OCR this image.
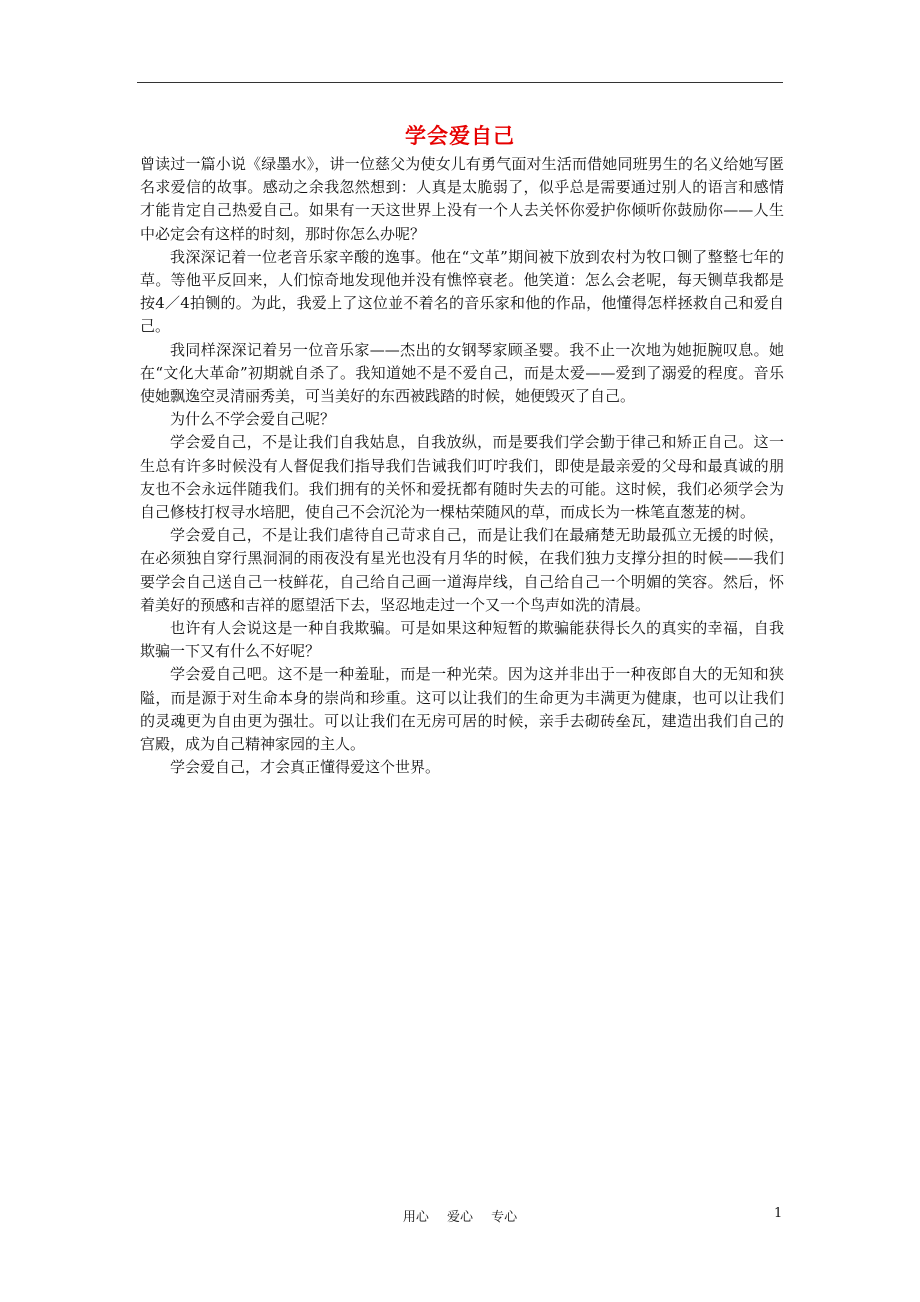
学会爱自己

曾读过一篇小说《绿墨水》，讲一位慈父为使女儿有勇气面对生活而借她同班男生的名义给她写匿名求爱信的故事。感动之余我忽然想到：人真是太脆弱了，似乎总是需要通过别人的语言和感情才能肯定自己热爱自己。如果有一天这世界上没有一个人去关怀你爱护你倾听你鼓励你——人生中必定会有这样的时刻，那时你怎么办呢？

我深深记着一位老音乐家辛酸的逸事。他在“文革”期间被下放到农村为牧口铡了整整七年的草。等他平反回来，人们惊奇地发现他并没有憔悴衰老。他笑道：怎么会老呢，每天铡草我都是按4／4拍铡的。为此，我爱上了这位並不着名的音乐家和他的作品，他懂得怎样拯救自己和爱自己。

我同样深深记着另一位音乐家——杰出的女钢琴家顾圣婴。我不止一次地为她扼腕叹息。她在“文化大革命”初期就自杀了。我知道她不是不爱自己，而是太爱——爱到了溺爱的程度。音乐使她飘逸空灵清丽秀美，可当美好的东西被践踏的时候，她便毁灭了自己。

为什么不学会爱自己呢？

学会爱自己，不是让我们自我姑息，自我放纵，而是要我们学会勤于律己和矫正自己。这一生总有许多时候没有人督促我们指导我们告诫我们叮咛我们，即使是最亲爱的父母和最真诚的朋友也不会永远伴随我们。我们拥有的关怀和爱抚都有随时失去的可能。这时候，我们必须学会为自己修枝打杈寻水培肥，使自己不会沉沦为一棵枯荣随风的草，而成长为一株笔直葱茏的树。

学会爱自己，不是让我们虐待自己苛求自己，而是让我们在最痛楚无助最孤立无援的时候，在必须独自穿行黑洞洞的雨夜没有星光也没有月华的时候，在我们独力支撑分担的时候——我们要学会自己送自己一枝鲜花，自己给自己画一道海岸线，自己给自己一个明媚的笑容。然后，怀着美好的预感和吉祥的愿望活下去，坚忍地走过一个又一个鸟声如洗的清晨。

也许有人会说这是一种自我欺骗。可是如果这种短暂的欺骗能获得长久的真实的幸福，自我欺骗一下又有什么不好呢？

学会爱自己吧。这不是一种羞耻，而是一种光荣。因为这并非出于一种夜郎自大的无知和狭隘，而是源于对生命本身的崇尚和珍重。这可以让我们的生命更为丰满更为健康，也可以让我们的灵魂更为自由更为强壮。可以让我们在无房可居的时候，亲手去砌砖垒瓦，建造出我们自己的宫殿，成为自己精神家园的主人。

学会爱自己，才会真正懂得爱这个世界。

用心 爱心 专心	1
